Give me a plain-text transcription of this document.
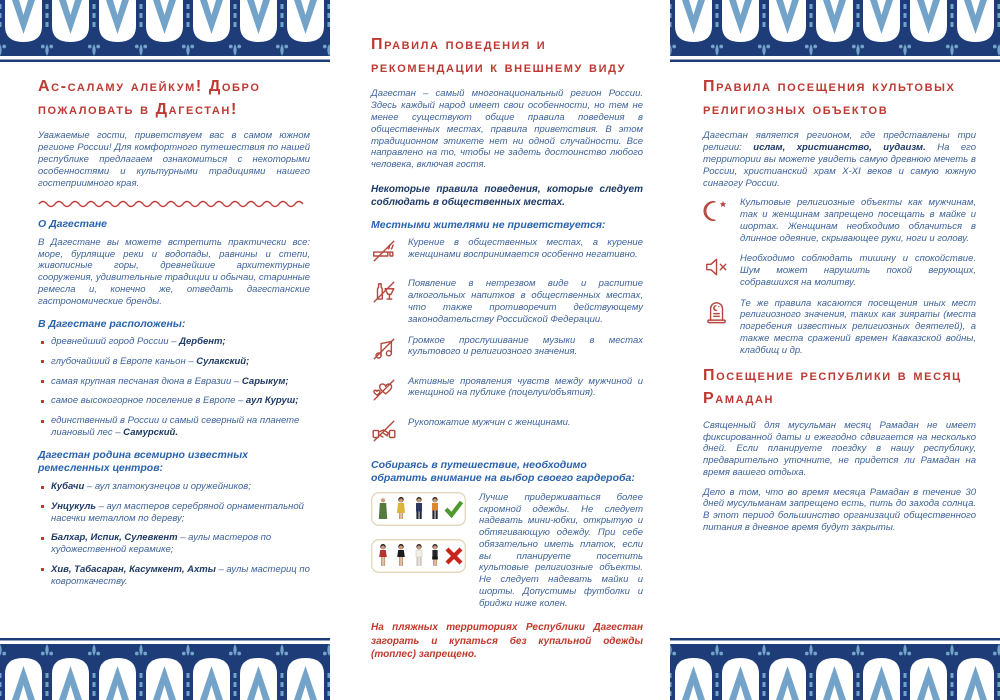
Ас-саламу алейкум! Добро пожаловать в Дагестан!

Уважаемые гости, приветствуем вас в самом южном регионе России! Для комфортного путешествия по нашей республике предлагаем ознакомиться с некоторыми особенностями и культурными традициями нашего гостеприимного края.

О Дагестане

В Дагестане вы можете встретить практически все: море, бурлящие реки и водопады, равнины и степи, живописные горы, древнейшие архитектурные сооружения, удивительные традиции и обычаи, старинные ремесла и, конечно же, отведать дагестанские гастрономические бренды.

В Дагестане расположены:
древнейший город России – Дербент;
глубочайший в Европе каньон – Сулакский;
самая крупная песчаная дюна в Евразии – Сарыкум;
самое высокогорное поселение в Европе – аул Куруш;
единственный в России и самый северный на планете лиановый лес – Самурский.
Дагестан родина всемирно известных ремесленных центров:
Кубачи – аул златокузнецов и оружейников;
Унцукуль – аул мастеров серебряной орнаментальной насечки металлом по дереву;
Балхар, Испик, Сулевкент – аулы мастеров по художественной керамике;
Хив, Табасаран, Касумкент, Ахты – аулы мастериц по ковроткачеству.
Правила поведения и рекомендации к внешнему виду

Дагестан – самый многонациональный регион России. Здесь каждый народ имеет свои особенности, но тем не менее существуют общие правила поведения в общественных местах, правила приветствия. В этом традиционном этикете нет ни одной случайности. Все направлено на то, чтобы не задеть достоинство любого человека, включая гостя.

Некоторые правила поведения, которые следует соблюдать в общественных местах.

Местными жителями не приветствуется:

Курение в общественных местах, а курение женщинами воспринимается особенно негативно.

Появление в нетрезвом виде и распитие алкогольных напитков в общественных местах, что также противоречит действующему законодательству Российской Федерации.

Громкое прослушивание музыки в местах культового и религиозного значения.

Активные проявления чувств между мужчиной и женщиной на публике (поцелуи/объятия).

Рукопожатие мужчин с женщинами.

Собираясь в путешествие, необходимо обратить внимание на выбор своего гардероба:

Лучше придерживаться более скромной одежды. Не следует надевать мини-юбки, открытую и обтягивающую одежду. При себе обязательно иметь платок, если вы планируете посетить культовые религиозные объекты. Не следует надевать майки и шорты. Допустимы футболки и бриджи ниже колен.

На пляжных территориях Республики Дагестан загорать и купаться без купальной одежды (топлес) запрещено.

Правила посещения культовых религиозных объектов

Дагестан является регионом, где представлены три религии: ислам, христианство, иудаизм. На его территории вы можете увидеть самую древнюю мечеть в России, христианский храм X-XI веков и самую южную синагогу России.

Культовые религиозные объекты как мужчинам, так и женщинам запрещено посещать в майке и шортах. Женщинам необходимо облачиться в длинное одеяние, скрывающее руки, ноги и голову.

Необходимо соблюдать тишину и спокойствие. Шум может нарушить покой верующих, собравшихся на молитву.

Те же правила касаются посещения иных мест религиозного значения, таких как зияраты (места погребения известных религиозных деятелей), а также места сражений времен Кавказской войны, кладбищ и др.

Посещение республики в месяц Рамадан

Священный для мусульман месяц Рамадан не имеет фиксированной даты и ежегодно сдвигается на несколько дней. Если планируете поездку в нашу республику, предварительно уточните, не придется ли Рамадан на время вашего отдыха.

Дело в том, что во время месяца Рамадан в течение 30 дней мусульманам запрещено есть, пить до захода солнца. В этот период большинство организаций общественного питания в дневное время будут закрыты.
